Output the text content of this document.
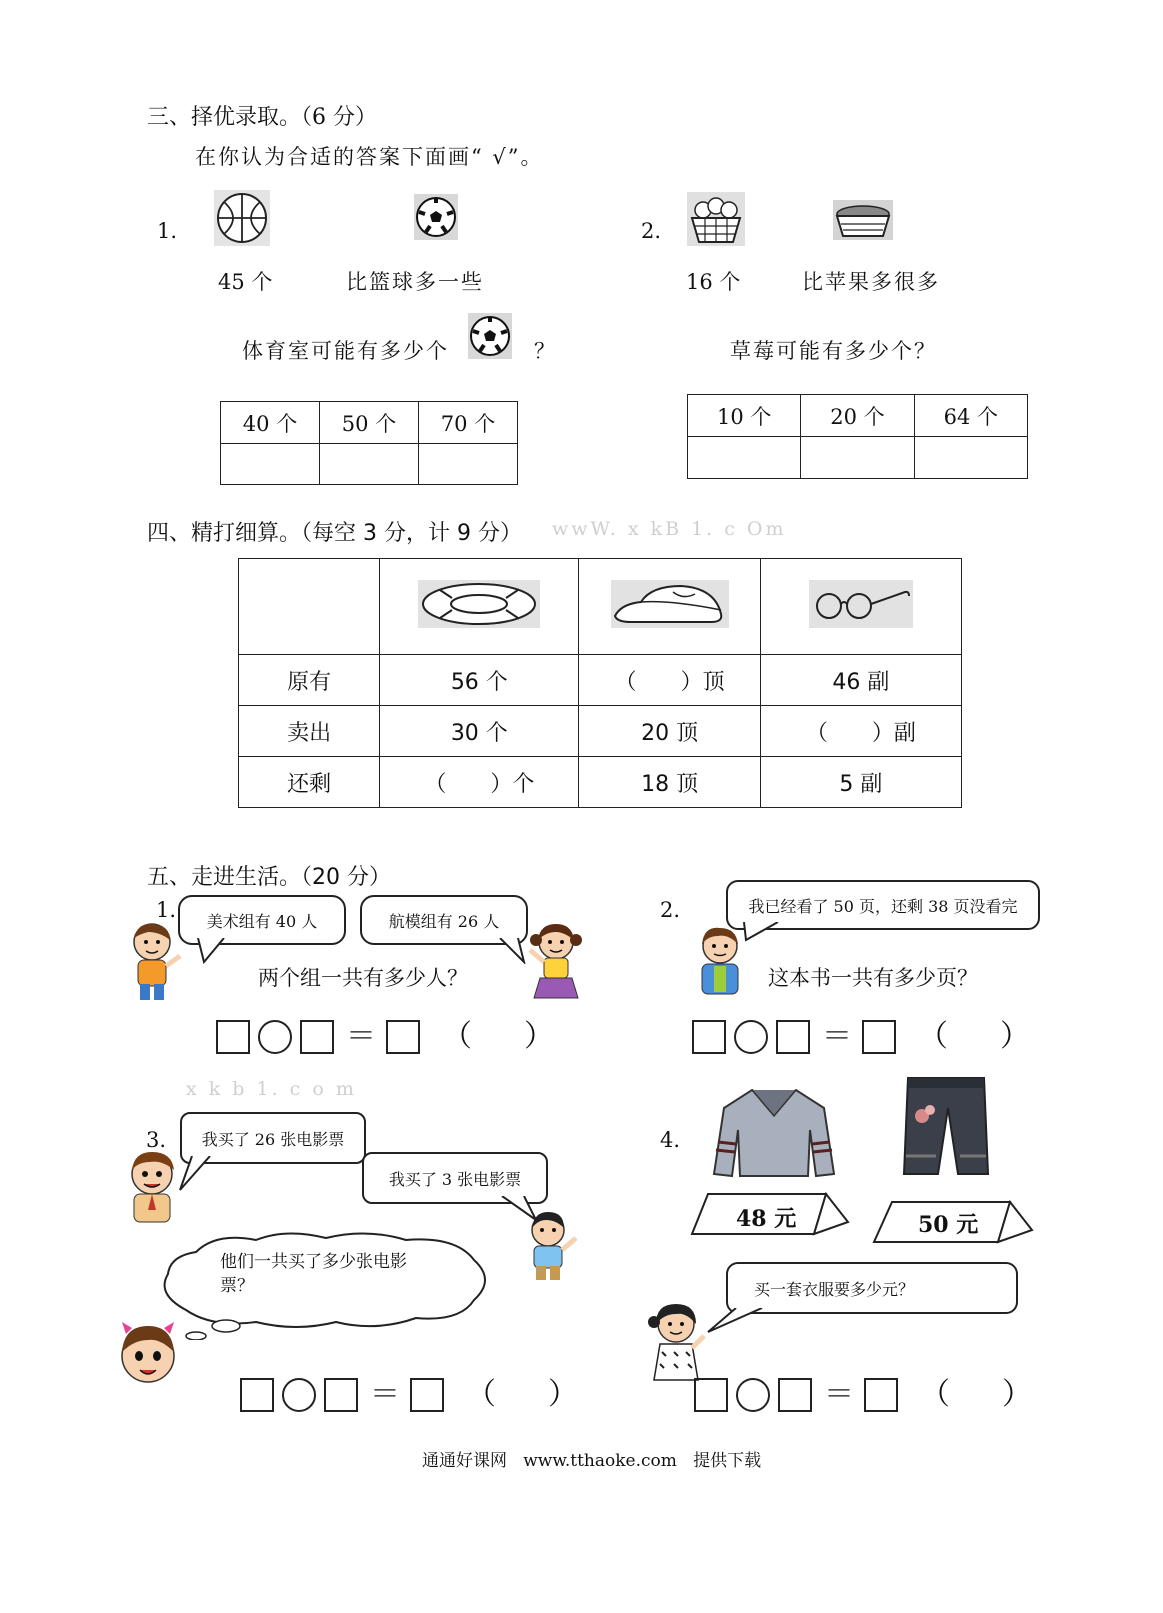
三、择优录取。（6 分）
在你认为合适的答案下面画“ √”。
1.
45 个	比篮球多一些
体育室可能有多少个	？
40 个	50 个	70 个

2.
16 个	比苹果多很多
草莓可能有多少个？
10 个	20 个	64 个

四、精打细算。（每空 3 分，计 9 分） wwW. x kB 1. c Om

原有	56 个	（　　）顶	46 副
卖出	30 个	20 顶	（　　）副
还剩	（　　）个	18 顶	5 副
五、走进生活。（20 分）
1. 美术组有 40 人	航模组有 26 人
两个组一共有多少人？
＝ （ ）
2.	我已经看了 50 页，还剩 38 页没看完
这本书一共有多少页？
＝ （ ）
x k b 1. c o m
3. 我买了 26 张电影票
我买了 3 张电影票
他们一共买了多少张电影票？
＝ （ ）
4.
48 元	50 元
买一套衣服要多少元？
＝ （ ）
通通好课网   www.tthaoke.com   提供下载
